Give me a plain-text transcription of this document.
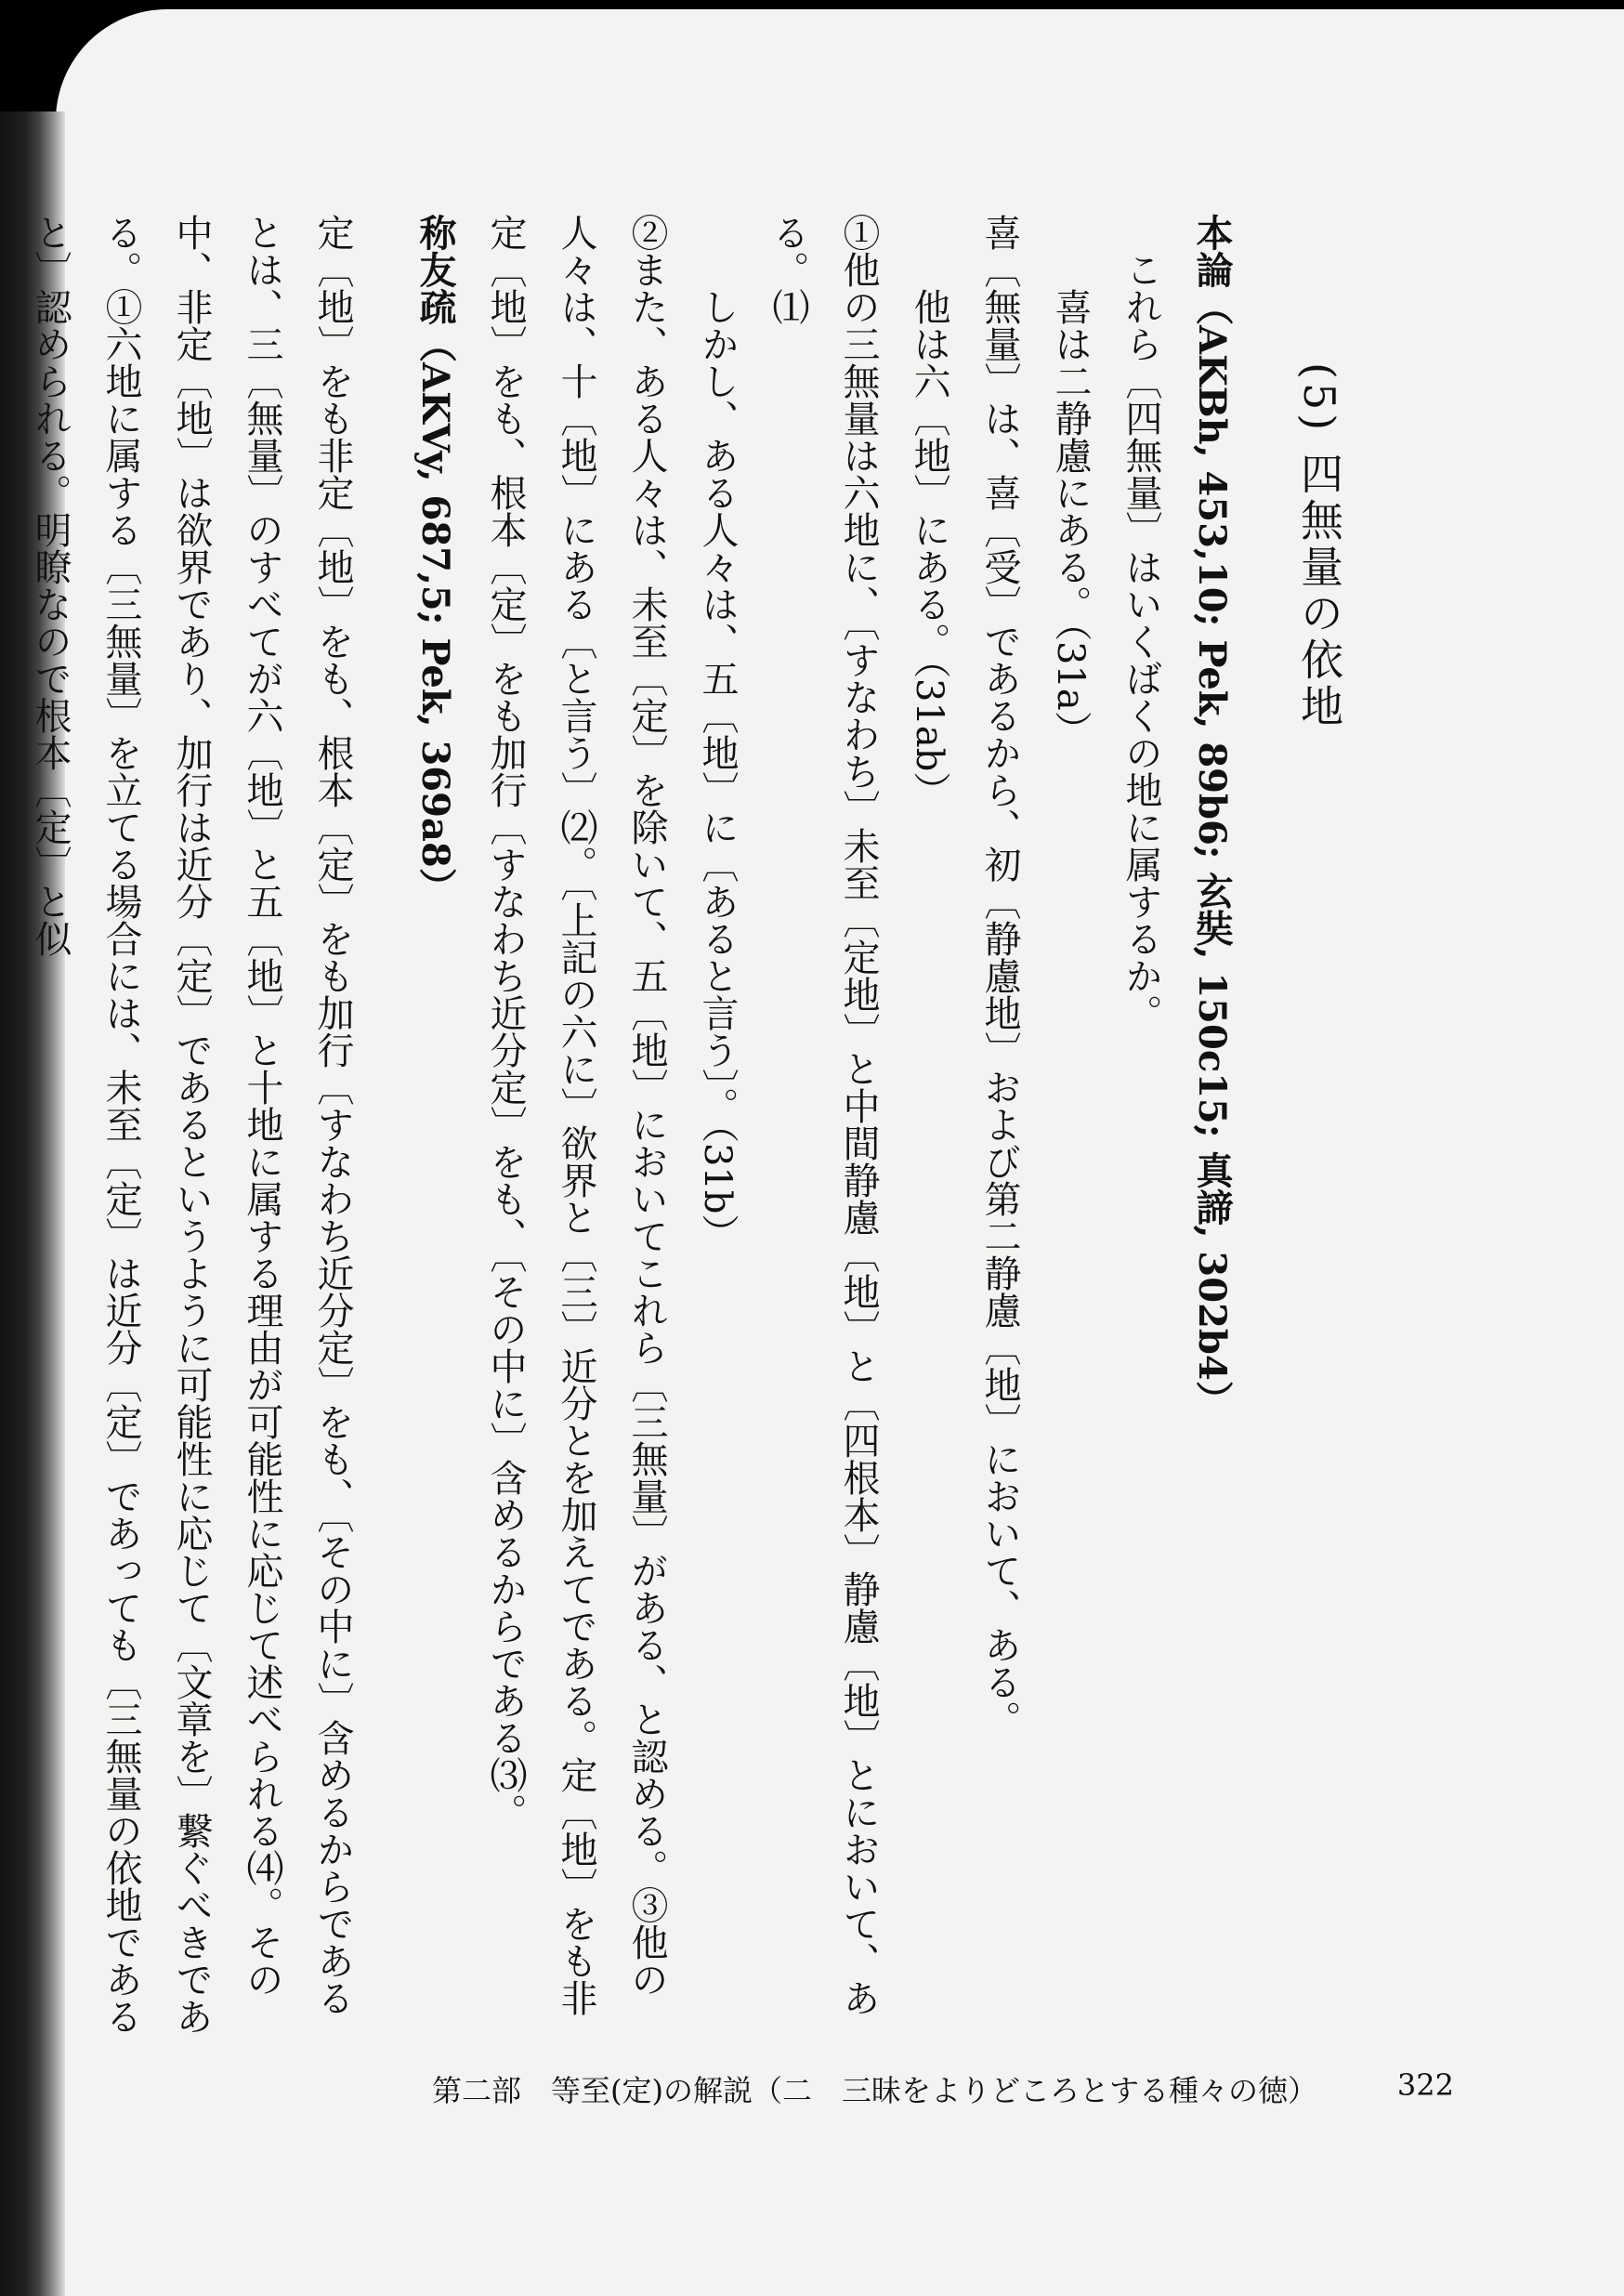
(5) 四無量の依地

本論（AKBh, 453,10; Pek, 89b6; 玄奘, 150c15; 真諦, 302b4）

これら〔四無量〕はいくばくの地に属するか。

喜は二静慮にある。（31a）

喜〔無量〕は、喜〔受〕であるから、初〔静慮地〕および第二静慮〔地〕において、ある。

他は六〔地〕にある。（31ab）

①他の三無量は六地に、〔すなわち〕未至〔定地〕と中間静慮〔地〕と〔四根本〕静慮〔地〕とにおいて、ある。⑴

しかし、ある人々は、五〔地〕に〔あると言う〕。（31b）

②また、ある人々は、未至〔定〕を除いて、五〔地〕においてこれら〔三無量〕がある、と認める。③他の人々は、十〔地〕にある〔と言う〕⑵。〔上記の六に〕欲界と〔三〕近分とを加えてである。定〔地〕をも非定〔地〕をも、根本〔定〕をも加行〔すなわち近分定〕をも、〔その中に〕含めるからである⑶。

称友疏（AKVy, 687,5; Pek, 369a8）

定〔地〕をも非定〔地〕をも、根本〔定〕をも加行〔すなわち近分定〕をも、〔その中に〕含めるからであるとは、三〔無量〕のすべてが六〔地〕と五〔地〕と十地に属する理由が可能性に応じて述べられる⑷。その中、非定〔地〕は欲界であり、加行は近分〔定〕であるというように可能性に応じて〔文章を〕繋ぐべきである。①六地に属する〔三無量〕を立てる場合には、未至〔定〕は近分〔定〕であっても〔三無量の依地であると〕認められる。明瞭なので根本〔定〕と似

第二部　等至(定)の解説（二　三昧をよりどころとする種々の徳）	322
